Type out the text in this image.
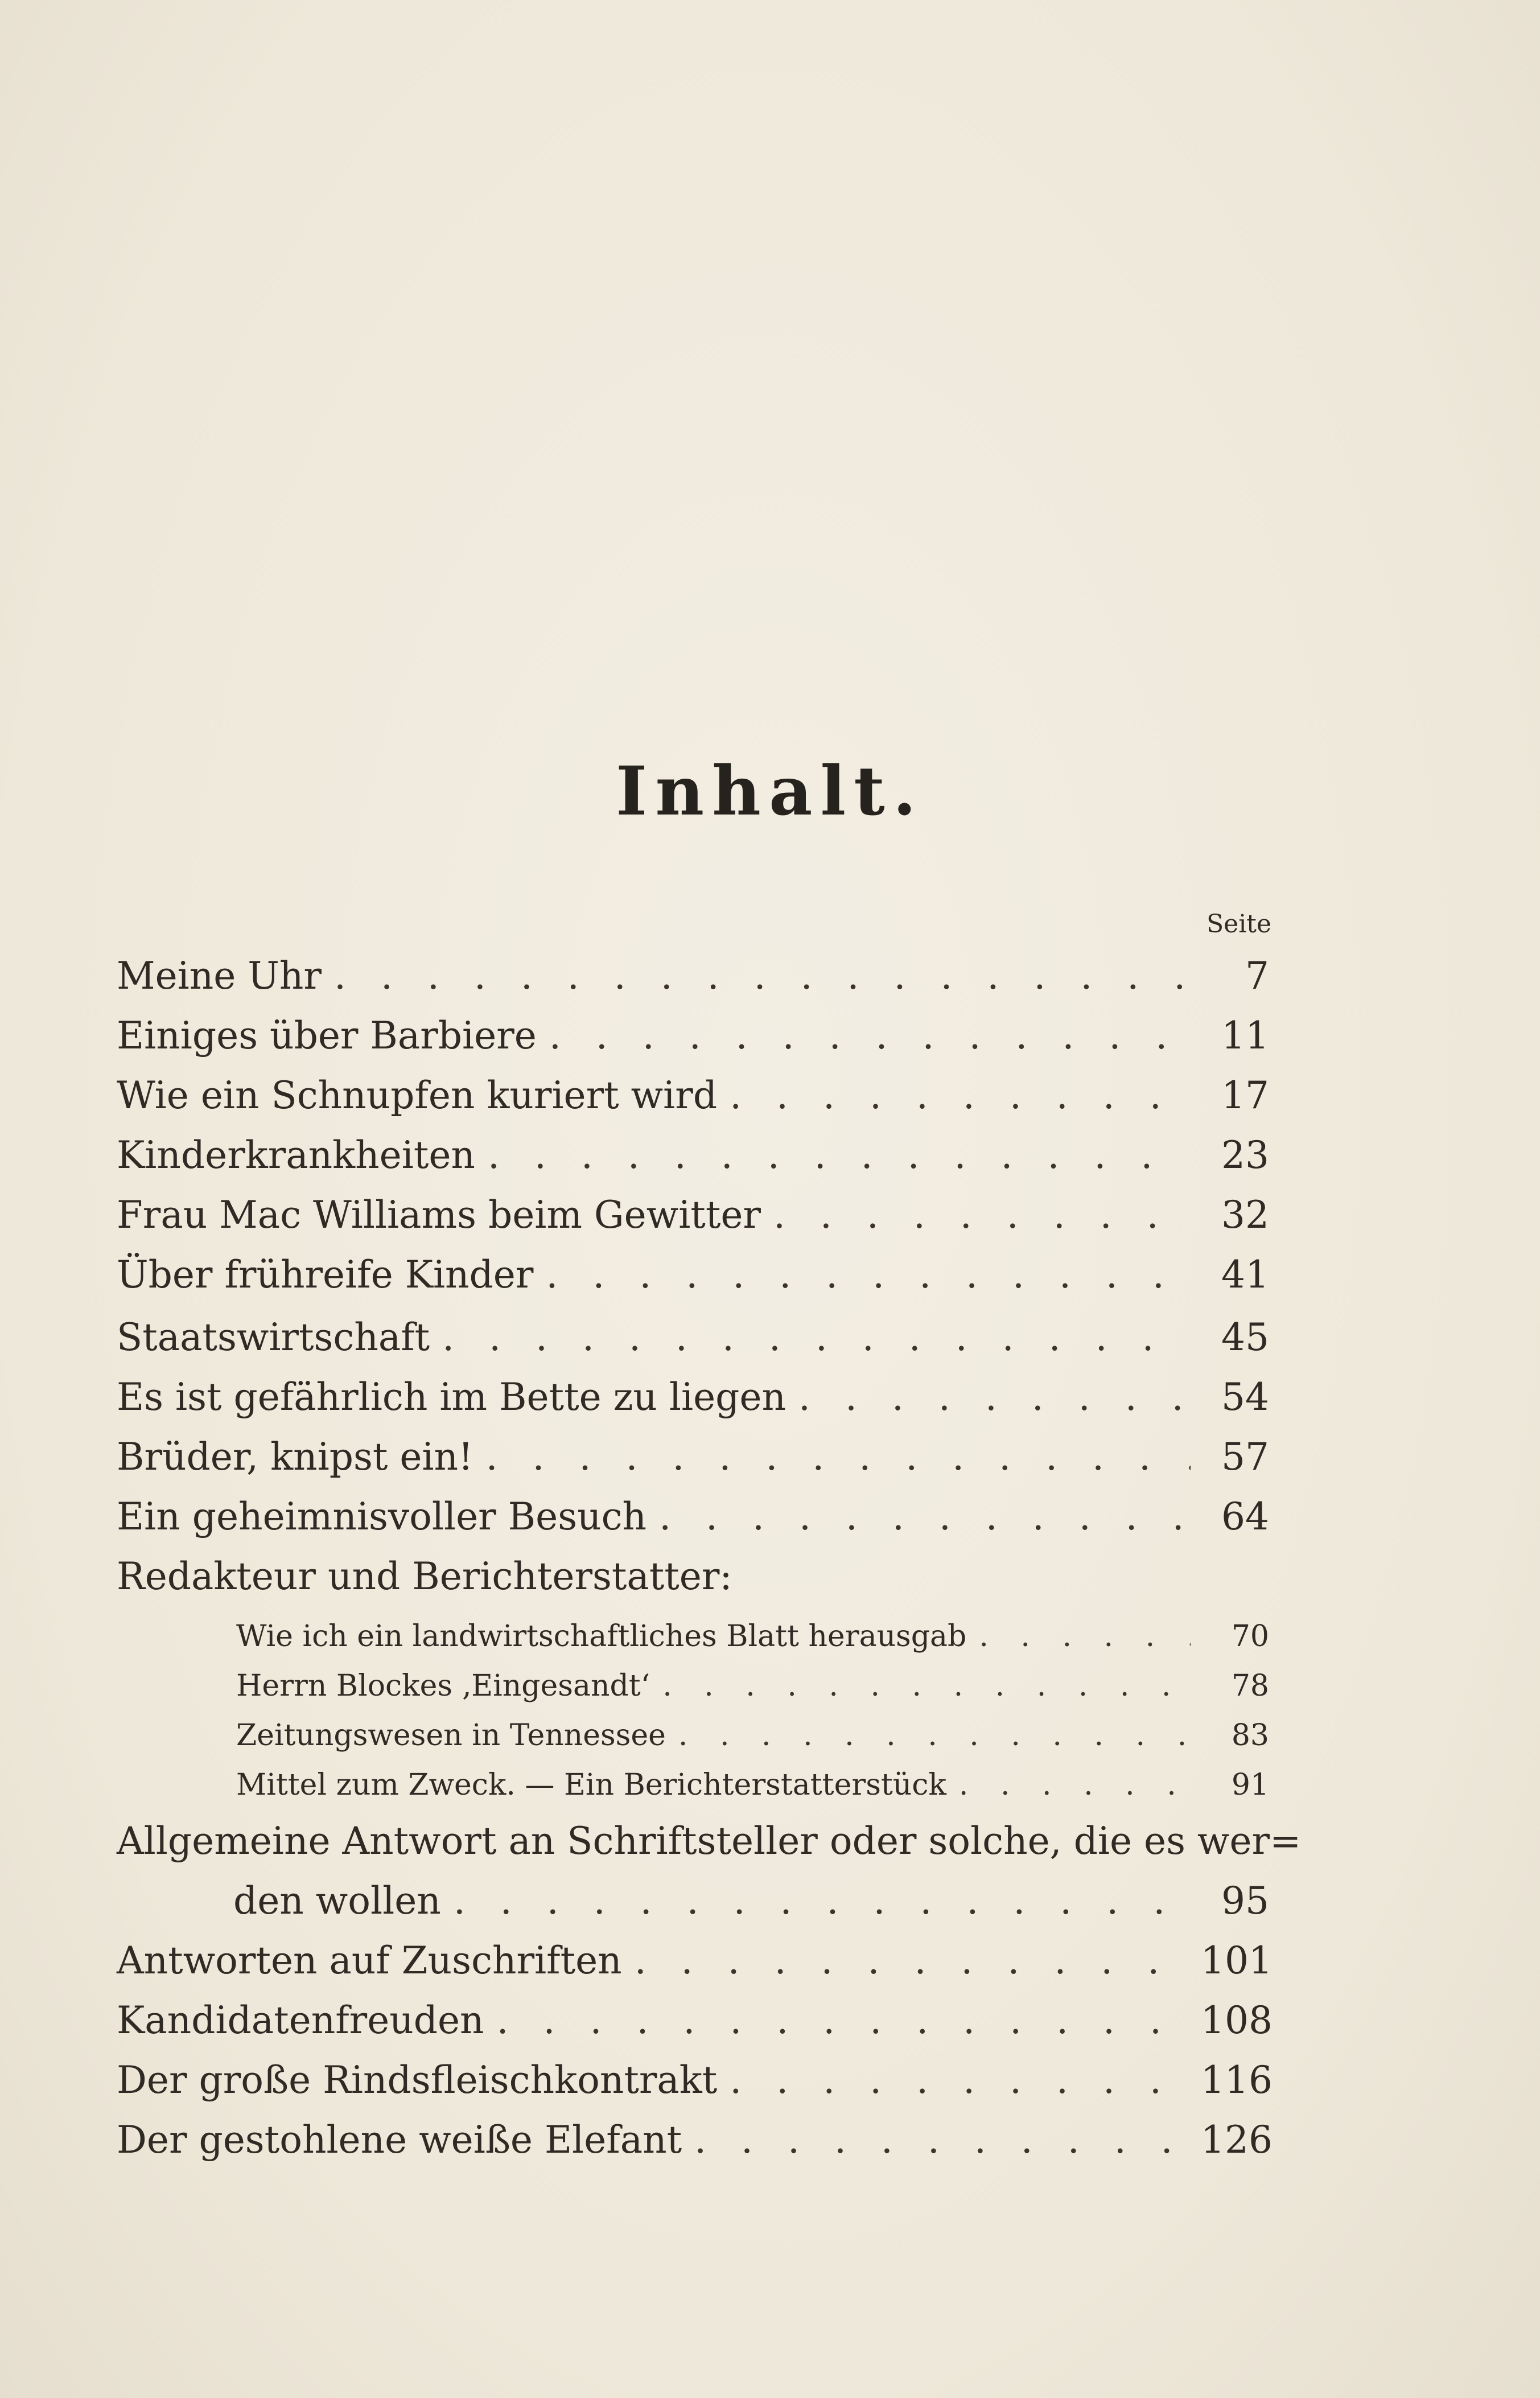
Inhalt.
Seite
Meine Uhr . . .	7
Einiges über Barbiere . . .	11
Wie ein Schnupfen kuriert wird . . .	17
Kinderkrankheiten . . .	23
Frau Mac Williams beim Gewitter . . .	32
Über frühreife Kinder . . .	41
Staatswirtschaft . . .	45
Es ist gefährlich im Bette zu liegen . . .	54
Brüder, knipst ein! . . .	57
Ein geheimnisvoller Besuch . . .	64
Redakteur und Berichterstatter:
Wie ich ein landwirtschaftliches Blatt herausgab . . .	70
Herrn Blockes ‚Eingesandt‘ . . .	78
Zeitungswesen in Tennessee . . .	83
Mittel zum Zweck. — Ein Berichterstatterstück . . .	91
Allgemeine Antwort an Schriftsteller oder solche, die es wer=
den wollen . . .	95
Antworten auf Zuschriften . . .	101
Kandidatenfreuden . . .	108
Der große Rindsfleischkontrakt . . .	116
Der gestohlene weiße Elefant . . .	126
